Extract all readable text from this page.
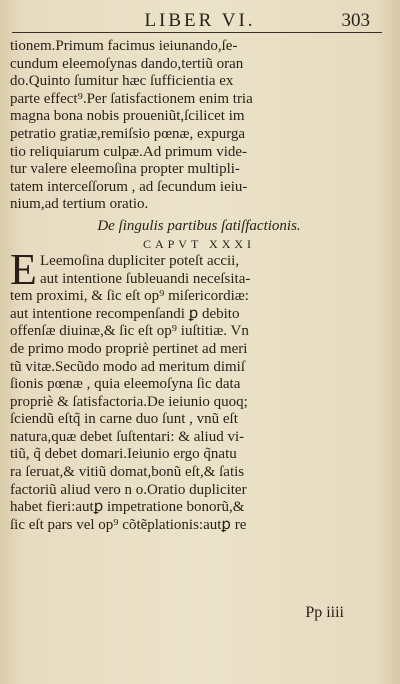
LIBER VI.	303
tionem.Primum facimus ieiunando,ſe-
cundum eleemoſynas dando,tertiũ oran
do.Quinto ſumitur hæc ſufficientia ex
parte effect⁹.Per ſatisfactionem enim tria
magna bona nobis proueniũt,ſcilicet im
petratio gratiæ,remiſsio pœnæ, expurga
tio reliquiarum culpæ.Ad primum vide-
tur valere eleemoſina propter multipli-
tatem interceſſorum , ad ſecundum ieiu-
nium,ad tertium oratio.
De ſingulis partibus ſatiſfactionis.
CAPVT XXXI
E Leemoſina dupliciter poteſt accii,
aut intentione ſubleuandi neceſsita-
tem proximi, & ſic eſt op⁹ miſericordiæ:
aut intentione recompenſandi ꝑ debito
offenſæ diuinæ,& ſic eſt op⁹ iuſtitiæ. Vn
de primo modo propriè pertinet ad meri
tũ vitæ.Secũdo modo ad meritum dimiſ
ſionis pœnæ , quia eleemoſyna ſic data
propriè & ſatisfactoria.De ieiunio quoq;
ſciendũ eſtq̃ in carne duo ſunt , vnũ eſt
natura,quæ debet ſuſtentari: & aliud vi-
tiũ, q̃ debet domari.Ieiunio ergo q̃natu
ra ſeruat,& vitiũ domat,bonũ eſt,& ſatis
factoriũ aliud vero n o.Oratio dupliciter
habet fieri:autꝑ impetratione bonorũ,&
ſic eſt pars vel op⁹ cõtẽplationis:autꝑ re
Pp iiii
